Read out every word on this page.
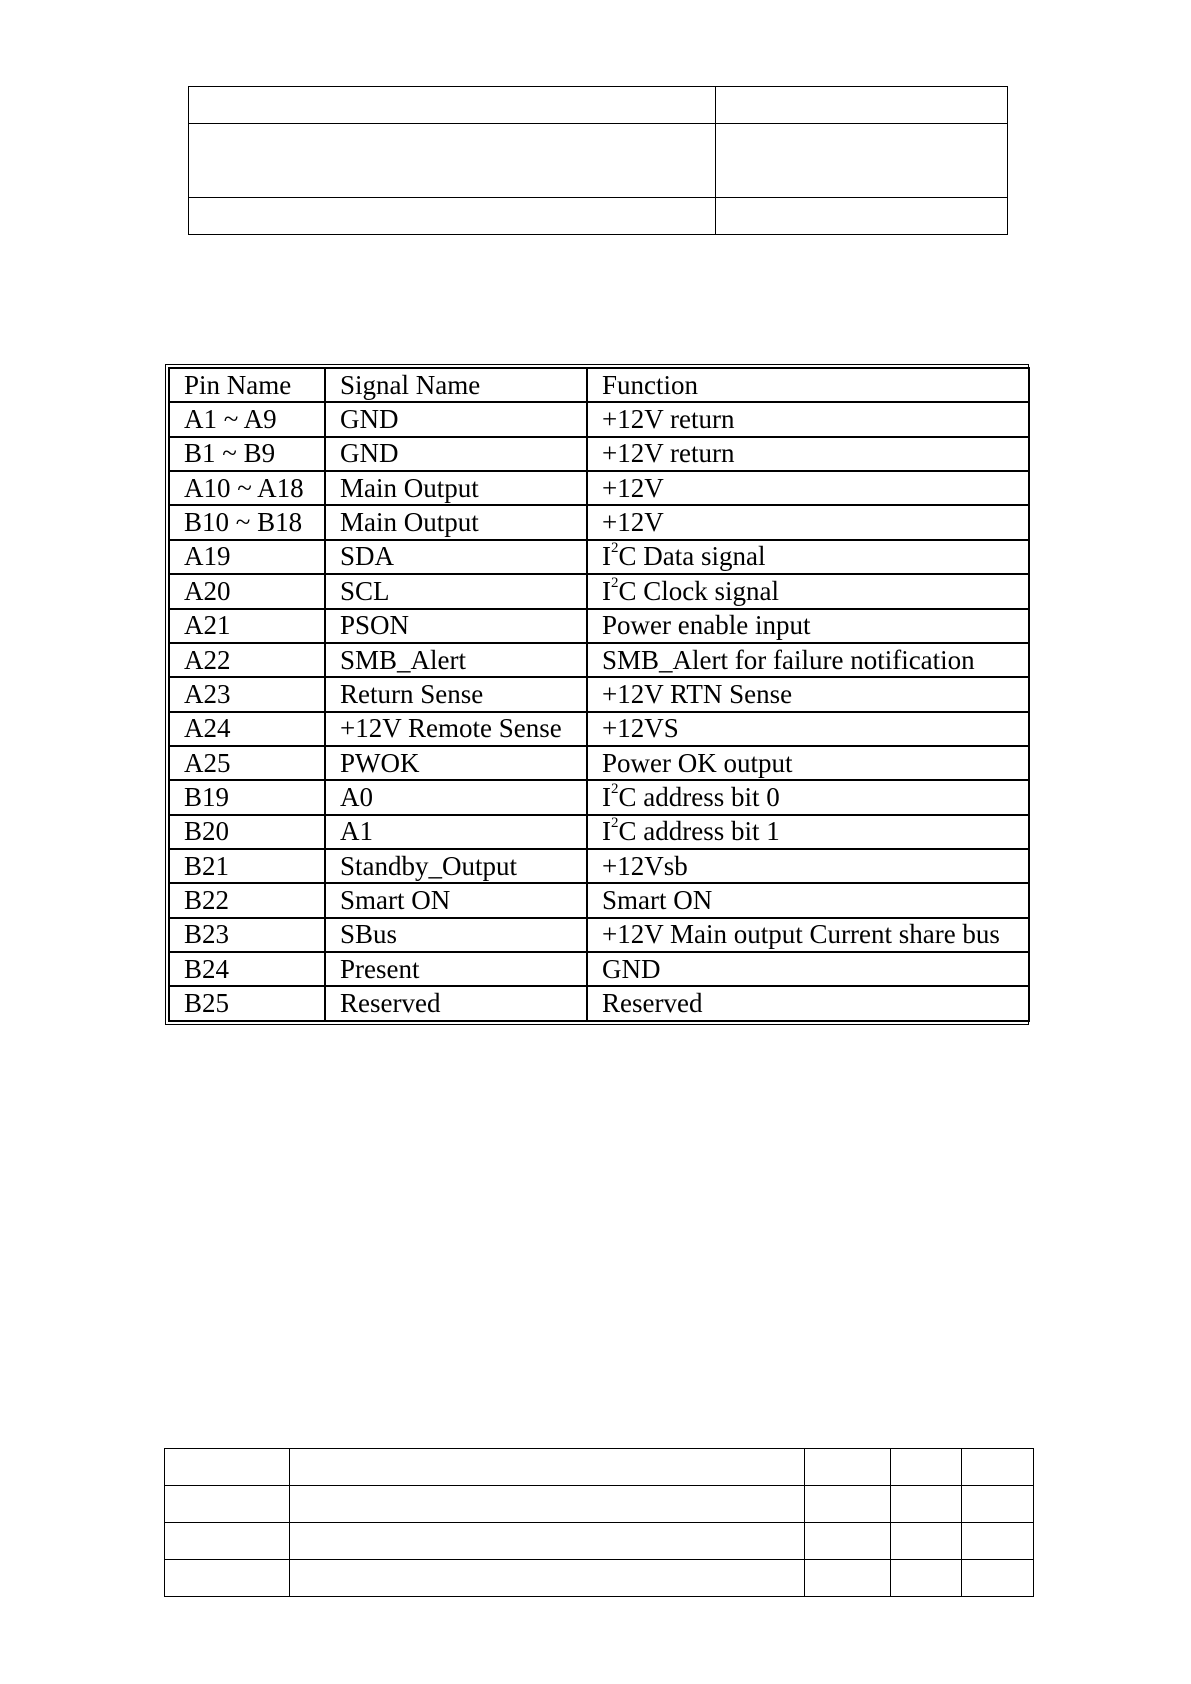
Pin Name	Signal Name	Function
A1 ~ A9	GND	+12V return
B1 ~ B9	GND	+12V return
A10 ~ A18	Main Output	+12V
B10 ~ B18	Main Output	+12V
A19	SDA	$I^2C$ Data signal
A20	SCL	$I^2C$ Clock signal
A21	PSON	Power enable input
A22	SMB_Alert	SMB_Alert for failure notification
A23	Return Sense	+12V RTN Sense
A24	+12V Remote Sense	+12VS
A25	PWOK	Power OK output
B19	A0	$I^2C$ address bit 0
B20	A1	$I^2C$ address bit 1
B21	Standby_Output	+12Vsb
B22	Smart ON	Smart ON
B23	SBus	+12V Main output Current share bus
B24	Present	GND
B25	Reserved	Reserved
